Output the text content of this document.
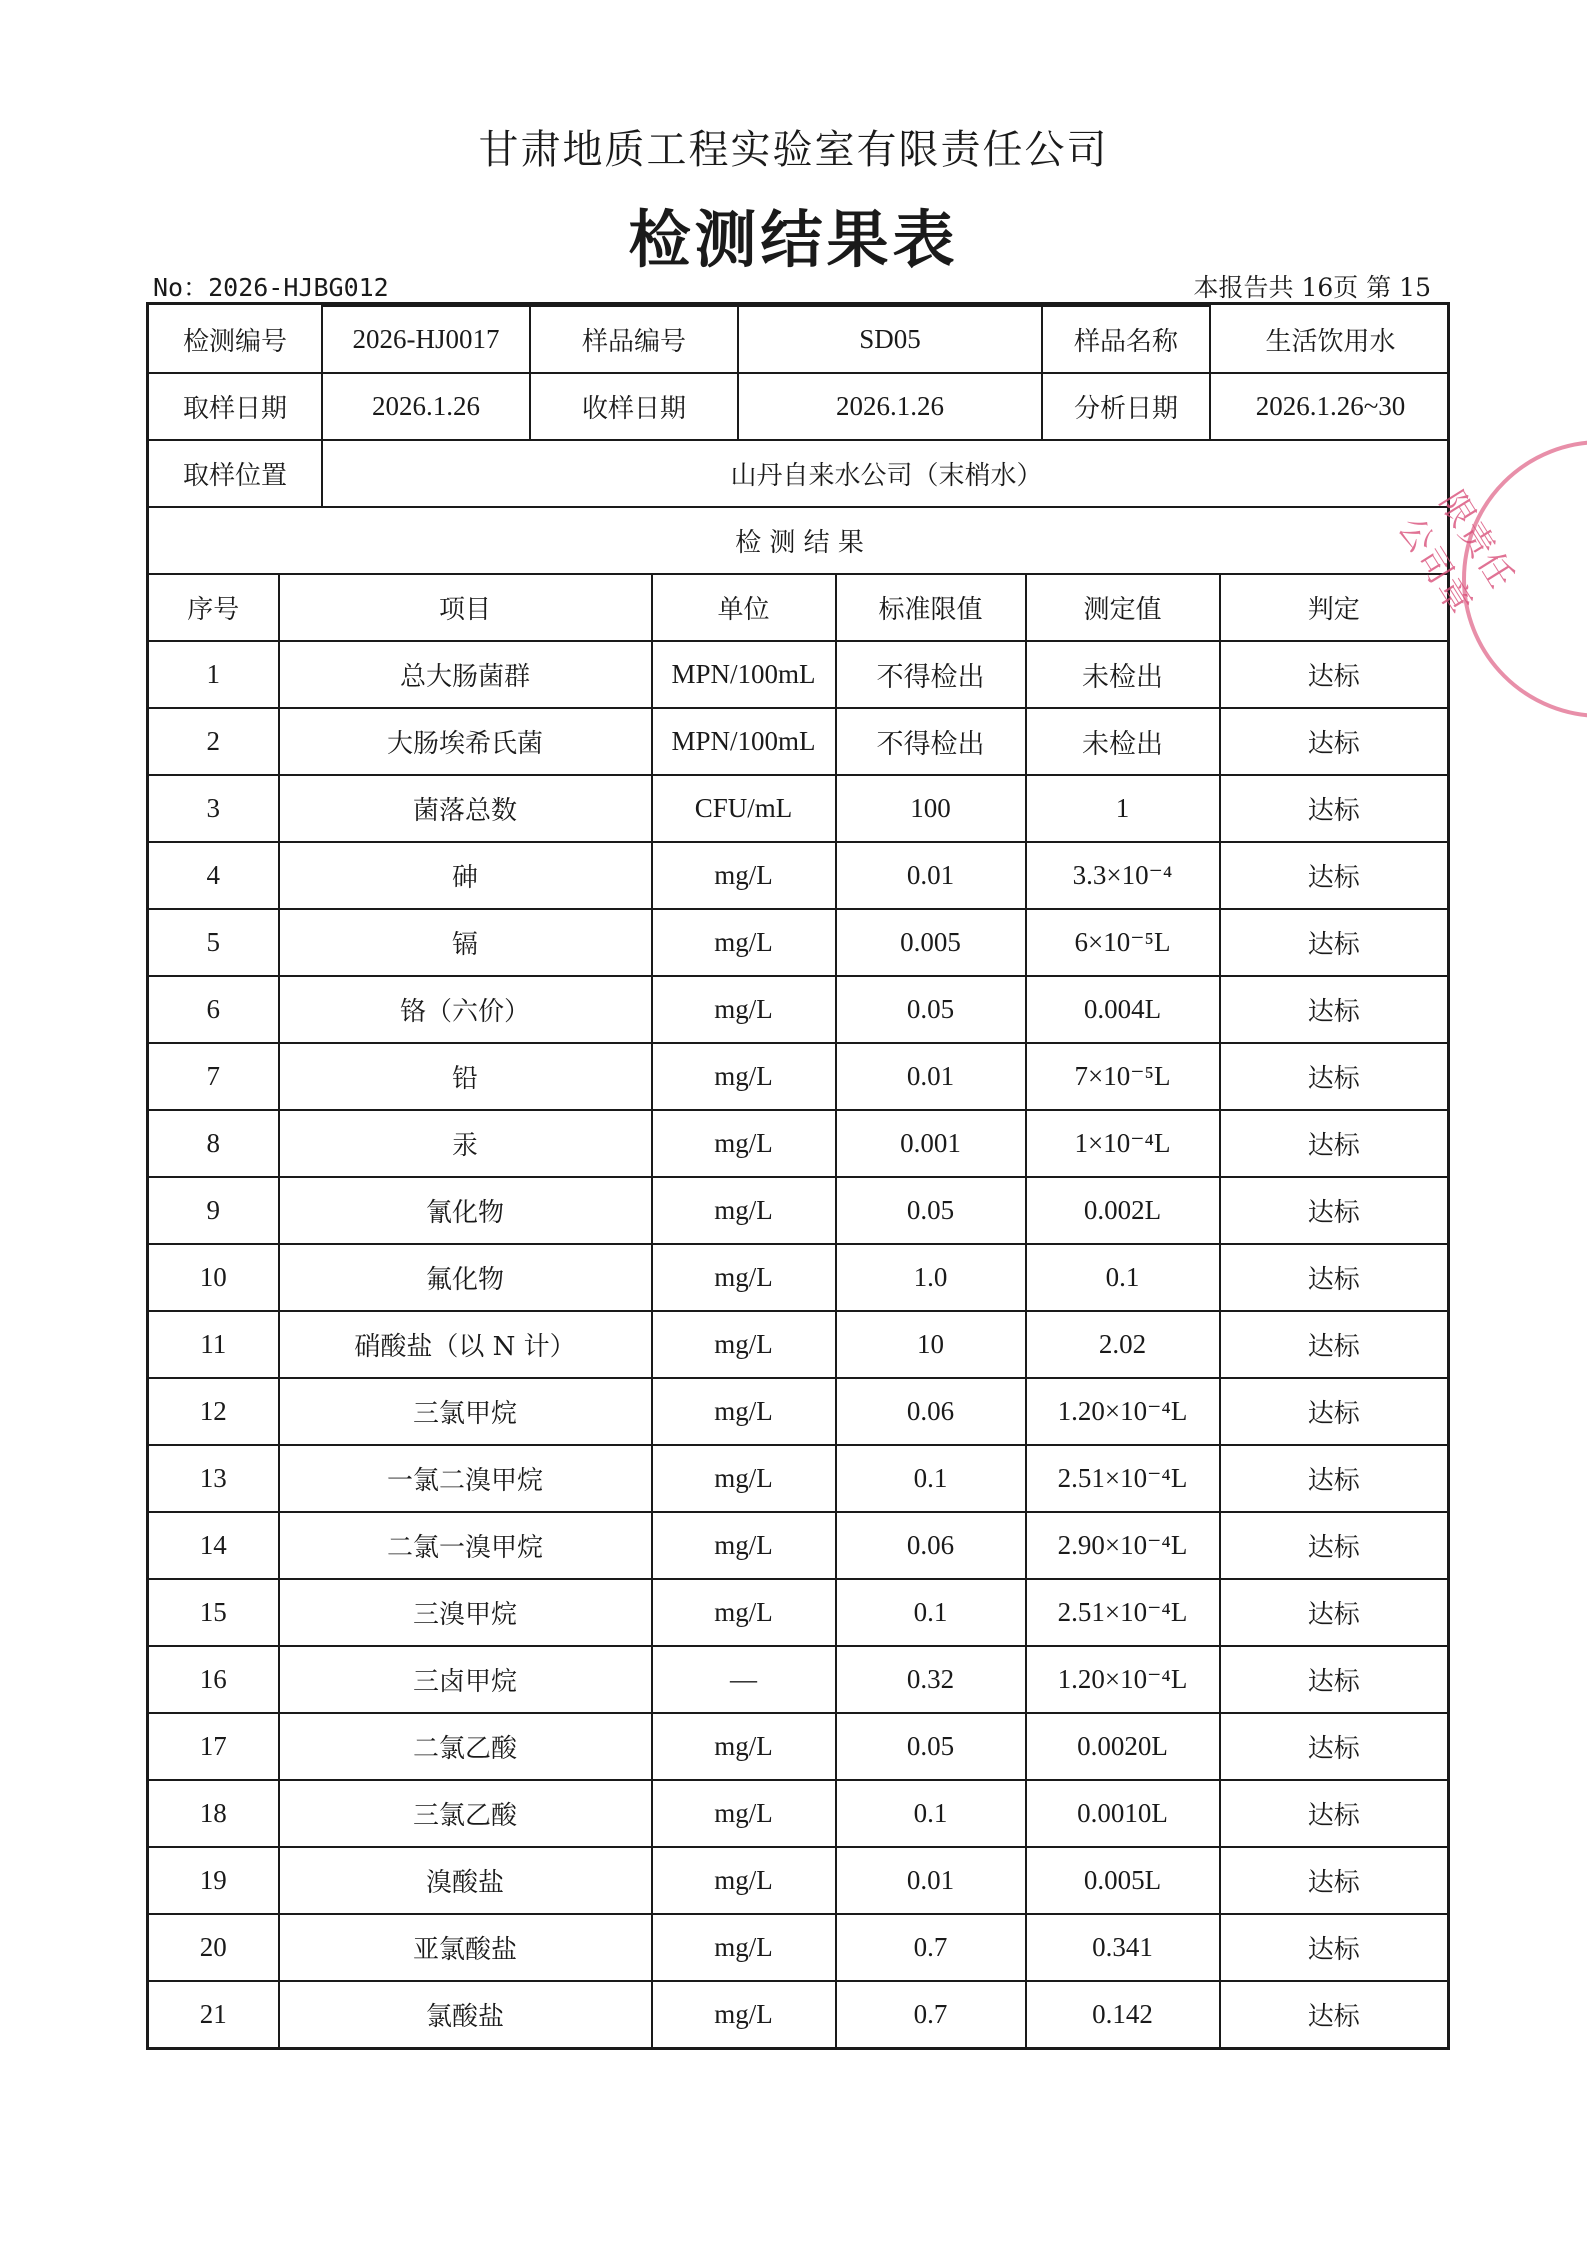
甘肃地质工程实验室有限责任公司
检测结果表
No：2026-HJBG012	本报告共 16页 第 15
检测编号	2026-HJ0017	样品编号	SD05	样品名称	生活饮用水
取样日期	2026.1.26	收样日期	2026.1.26	分析日期	2026.1.26~30
取样位置	山丹自来水公司（末梢水）
检 测 结 果

序号	项目	单位	标准限值	测定值	判定
1	总大肠菌群	MPN/100mL	不得检出	未检出	达标
2	大肠埃希氏菌	MPN/100mL	不得检出	未检出	达标
3	菌落总数	CFU/mL	100	1	达标
4	砷	mg/L	0.01	3.3×10⁻⁴	达标
5	镉	mg/L	0.005	6×10⁻⁵L	达标
6	铬（六价）	mg/L	0.05	0.004L	达标
7	铅	mg/L	0.01	7×10⁻⁵L	达标
8	汞	mg/L	0.001	1×10⁻⁴L	达标
9	氰化物	mg/L	0.05	0.002L	达标
10	氟化物	mg/L	1.0	0.1	达标
11	硝酸盐（以 N 计）	mg/L	10	2.02	达标
12	三氯甲烷	mg/L	0.06	1.20×10⁻⁴L	达标
13	一氯二溴甲烷	mg/L	0.1	2.51×10⁻⁴L	达标
14	二氯一溴甲烷	mg/L	0.06	2.90×10⁻⁴L	达标
15	三溴甲烷	mg/L	0.1	2.51×10⁻⁴L	达标
16	三卤甲烷	—	0.32	1.20×10⁻⁴L	达标
17	二氯乙酸	mg/L	0.05	0.0020L	达标
18	三氯乙酸	mg/L	0.1	0.0010L	达标
19	溴酸盐	mg/L	0.01	0.005L	达标
20	亚氯酸盐	mg/L	0.7	0.341	达标
21	氯酸盐	mg/L	0.7	0.142	达标
限责任公司章
